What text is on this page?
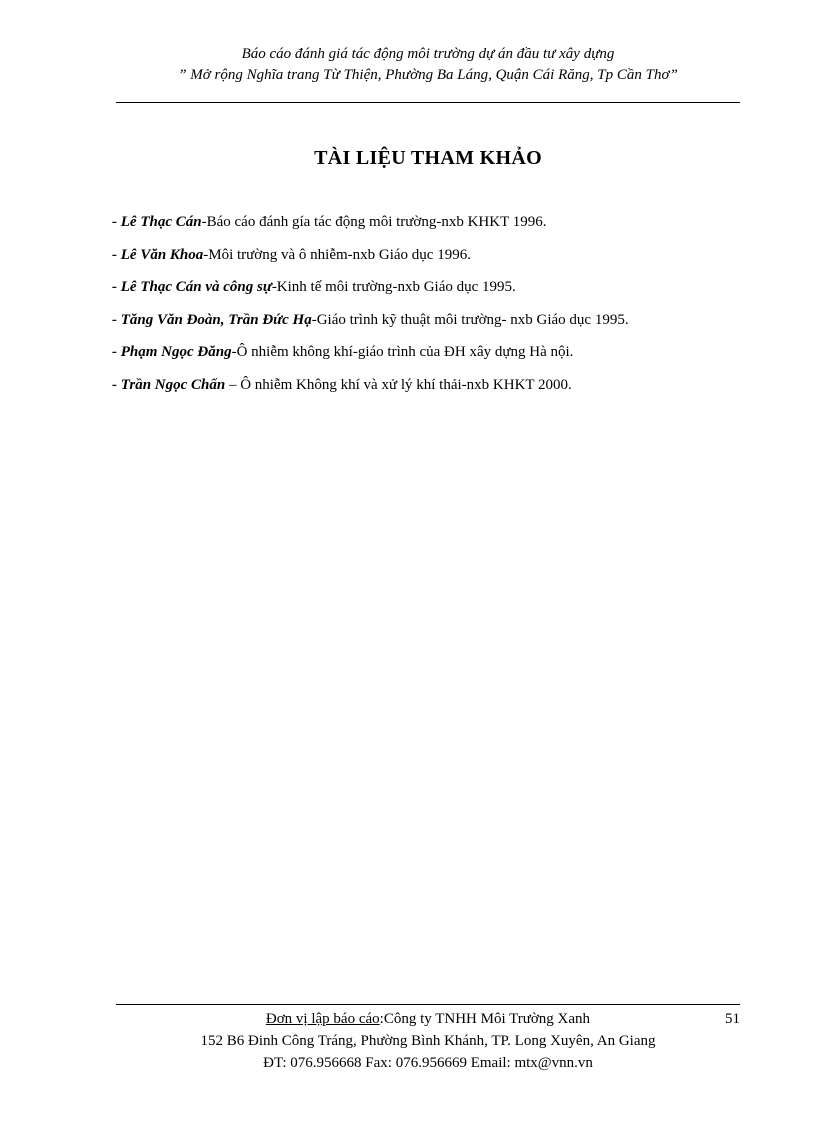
Báo cáo đánh giá tác động môi trường dự án đầu tư xây dựng
” Mở rộng Nghĩa trang Từ Thiện, Phường Ba Láng, Quận Cái Răng, Tp Cần Thơ”
TÀI LIỆU THAM KHẢO
- Lê Thạc Cán-Báo cáo đánh gía tác động môi trường-nxb KHKT 1996.
- Lê Văn Khoa-Môi trường và ô nhiễm-nxb Giáo dục 1996.
- Lê Thạc Cán và công sự-Kinh tế môi trường-nxb Giáo dục 1995.
- Tăng Văn Đoàn, Trần Đức Hạ-Giáo trình kỹ thuật môi trường- nxb Giáo dục 1995.
- Phạm Ngọc Đăng-Ô nhiễm không khí-giáo trình của ĐH xây dựng Hà nội.
- Trần Ngọc Chấn – Ô nhiễm Không khí và xử lý khí thải-nxb KHKT 2000.
Đơn vị lập báo cáo:Công ty TNHH Môi Trường Xanh
152 B6 Đinh Công Tráng, Phường Bình Khánh, TP. Long Xuyên, An Giang
ĐT: 076.956668 Fax: 076.956669 Email: mtx@vnn.vn
51
